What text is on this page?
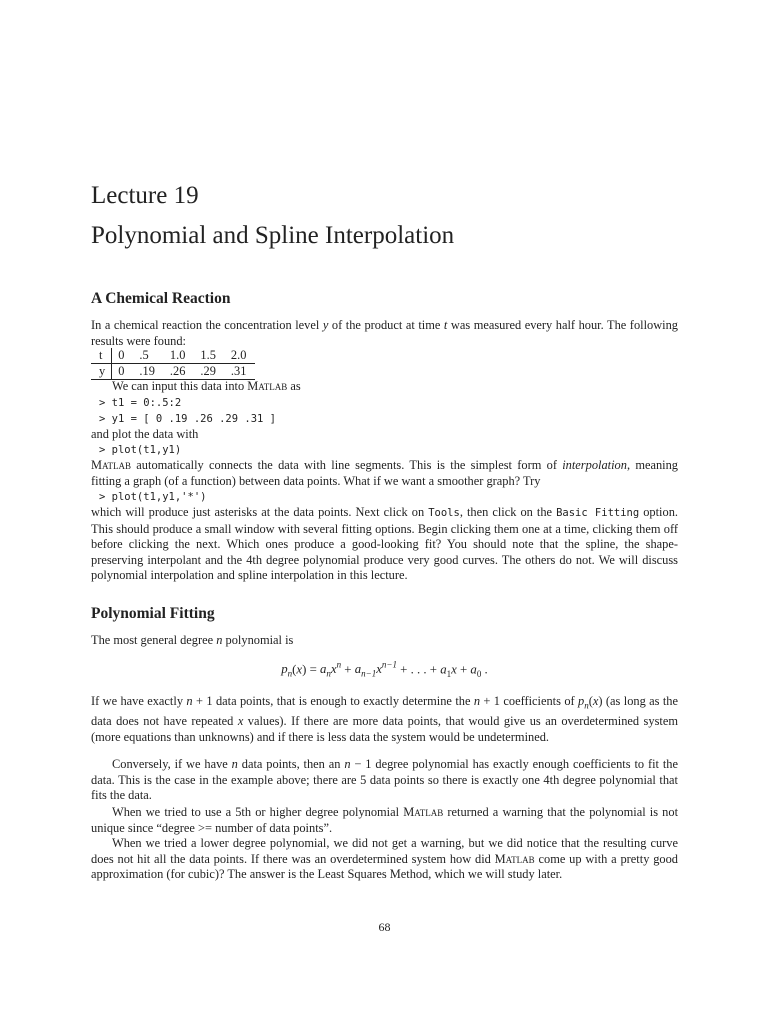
Lecture 19
Polynomial and Spline Interpolation
A Chemical Reaction
In a chemical reaction the concentration level y of the product at time t was measured every half hour. The following results were found:
t	0	.5	1.0	1.5	2.0
y	0	.19	.26	.29	.31
We can input this data into Matlab as
> t1 = 0:.5:2
> y1 = [ 0 .19 .26 .29 .31 ]
and plot the data with
> plot(t1,y1)
Matlab automatically connects the data with line segments. This is the simplest form of interpolation, meaning fitting a graph (of a function) between data points. What if we want a smoother graph? Try
> plot(t1,y1,'*')
which will produce just asterisks at the data points. Next click on Tools, then click on the Basic Fitting option. This should produce a small window with several fitting options. Begin clicking them one at a time, clicking them off before clicking the next. Which ones produce a good-looking fit? You should note that the spline, the shape-preserving interpolant and the 4th degree polynomial produce very good curves. The others do not. We will discuss polynomial interpolation and spline interpolation in this lecture.
Polynomial Fitting
The most general degree n polynomial is
$p_n(x) = a_nx^n + a_{n-1}x^{n-1}$ + . . . + $a_1x + a_0$ .
If we have exactly n + 1 data points, that is enough to exactly determine the n + 1 coefficients of $p_n(x)$ (as long as the data does not have repeated x values). If there are more data points, that would give us an overdetermined system (more equations than unknowns) and if there is less data the system would be undetermined.
Conversely, if we have n data points, then an n − 1 degree polynomial has exactly enough coefficients to fit the data. This is the case in the example above; there are 5 data points so there is exactly one 4th degree polynomial that fits the data.
When we tried to use a 5th or higher degree polynomial Matlab returned a warning that the polynomial is not unique since “degree >= number of data points”.
When we tried a lower degree polynomial, we did not get a warning, but we did notice that the resulting curve does not hit all the data points. If there was an overdetermined system how did Matlab come up with a pretty good approximation (for cubic)? The answer is the Least Squares Method, which we will study later.
68
